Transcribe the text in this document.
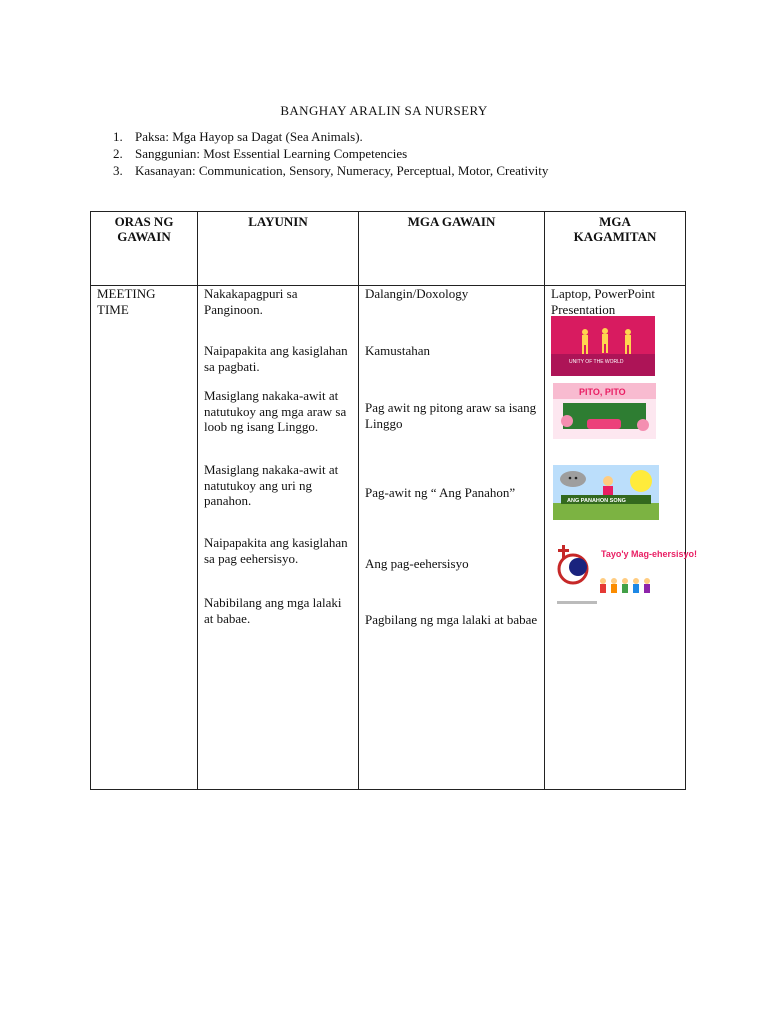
BANGHAY ARALIN SA NURSERY
1. Paksa: Mga Hayop sa Dagat (Sea Animals).
2. Sanggunian: Most Essential Learning Competencies
3. Kasanayan: Communication, Sensory, Numeracy, Perceptual, Motor, Creativity
ORAS NG GAWAIN
LAYUNIN	MGA GAWAIN	MGA KAGAMITAN
MEETING TIME
Nakakapagpuri sa Panginoon.
Naipapakita ang kasiglahan sa pagbati.
Masiglang nakaka-awit at natutukoy ang mga araw sa loob ng isang Linggo.
Masiglang nakaka-awit at natutukoy ang uri ng panahon.
Naipapakita ang kasiglahan sa pag eehersisyo.
Nabibilang ang mga lalaki at babae.
Dalangin/Doxology
Kamustahan
Pag awit ng pitong araw sa isang Linggo
Pag-awit ng “ Ang Panahon”
Ang pag-eehersisyo
Pagbilang ng mga lalaki at babae
Laptop, PowerPoint Presentation
UNITY OF THE WORLD
PITO, PITO
ANG PANAHON SONG
Tayo'y Mag-ehersisyo!
